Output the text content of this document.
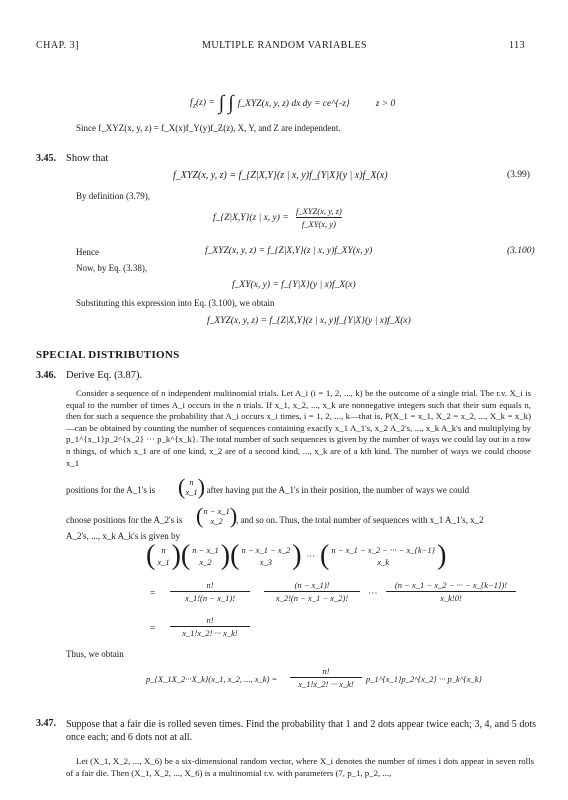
CHAP. 3]	MULTIPLE RANDOM VARIABLES	113
$f_Z(z)$ = ∫ ∫ f_XYZ(x, y, z) dx dy = ce^{-z}	z > 0
Since f_XYZ(x, y, z) = f_X(x)f_Y(y)f_Z(z), X, Y, and Z are independent.
3.45. Show that
f_XYZ(x, y, z) = f_{Z|X,Y}(z | x, y)f_{Y|X}(y | x)f_X(x)	(3.99)
By definition (3.79),
f_{Z|X,Y}(z | x, y) =
f_XYZ(x, y, z)
f_XY(x, y)
Hence	f_XYZ(x, y, z) = f_{Z|X,Y}(z | x, y)f_XY(x, y)	(3.100)
Now, by Eq. (3.38),
f_XY(x, y) = f_{Y|X}(y | x)f_X(x)
Substituting this expression into Eq. (3.100), we obtain
f_XYZ(x, y, z) = f_{Z|X,Y}(z | x, y)f_{Y|X}(y | x)f_X(x)
SPECIAL DISTRIBUTIONS
3.46. Derive Eq. (3.87).
Consider a sequence of n independent multinomial trials. Let A_i (i = 1, 2, ..., k) be the outcome of a single trial. The r.v. X_i is equal to the number of times A_i occurs in the n trials. If x_1, x_2, ..., x_k are nonnegative integers such that their sum equals n, then for such a sequence the probability that A_i occurs x_i times, i = 1, 2, ..., k—that is, P(X_1 = x_1, X_2 = x_2, ..., X_k = x_k)—can be obtained by counting the number of sequences containing exactly x_1 A_1's, x_2 A_2's, ..., x_k A_k's and multiplying by p_1^{x_1}p_2^{x_2} ··· p_k^{x_k}. The total number of such sequences is given by the number of ways we could lay out in a row n things, of which x_1 are of one kind, x_2 are of a second kind, ..., x_k are of a kth kind. The number of ways we could choose x_1
positions for the A_1's is ( n
x_1 )
, after having put the A_1's in their position, the number of ways we could
choose positions for the A_2's is ( n − x_1
x_2 )
, and so on. Thus, the total number of sequences with x_1 A_1's, x_2
A_2's, ..., x_k A_k's is given by
( n
x_1 )( n − x_1
x_2 )( n − x_1 − x_2
x_3 ) ··· ( n − x_1 − x_2 − ··· − x_{k−1}
x_k )
=
n!
x_1!(n − x_1)!
(n − x_1)!
x_2!(n − x_1 − x_2)! ···
(n − x_1 − x_2 − ··· − x_{k−1})!
x_k!0!
=
n!
x_1!x_2! ··· x_k!
Thus, we obtain
p_{X_1X_2···X_k}(x_1, x_2, ..., x_k) =
n!
x_1!x_2! ··· x_k! p_1^{x_1}p_2^{x_2} ··· p_k^{x_k}
3.47. Suppose that a fair die is rolled seven times. Find the probability that 1 and 2 dots appear twice each; 3, 4, and 5 dots once each; and 6 dots not at all.
Let (X_1, X_2, ..., X_6) be a six-dimensional random vector, where X_i denotes the number of times i dots appear in seven rolls of a fair die. Then (X_1, X_2, ..., X_6) is a multinomial r.v. with parameters (7, p_1, p_2, ...,
